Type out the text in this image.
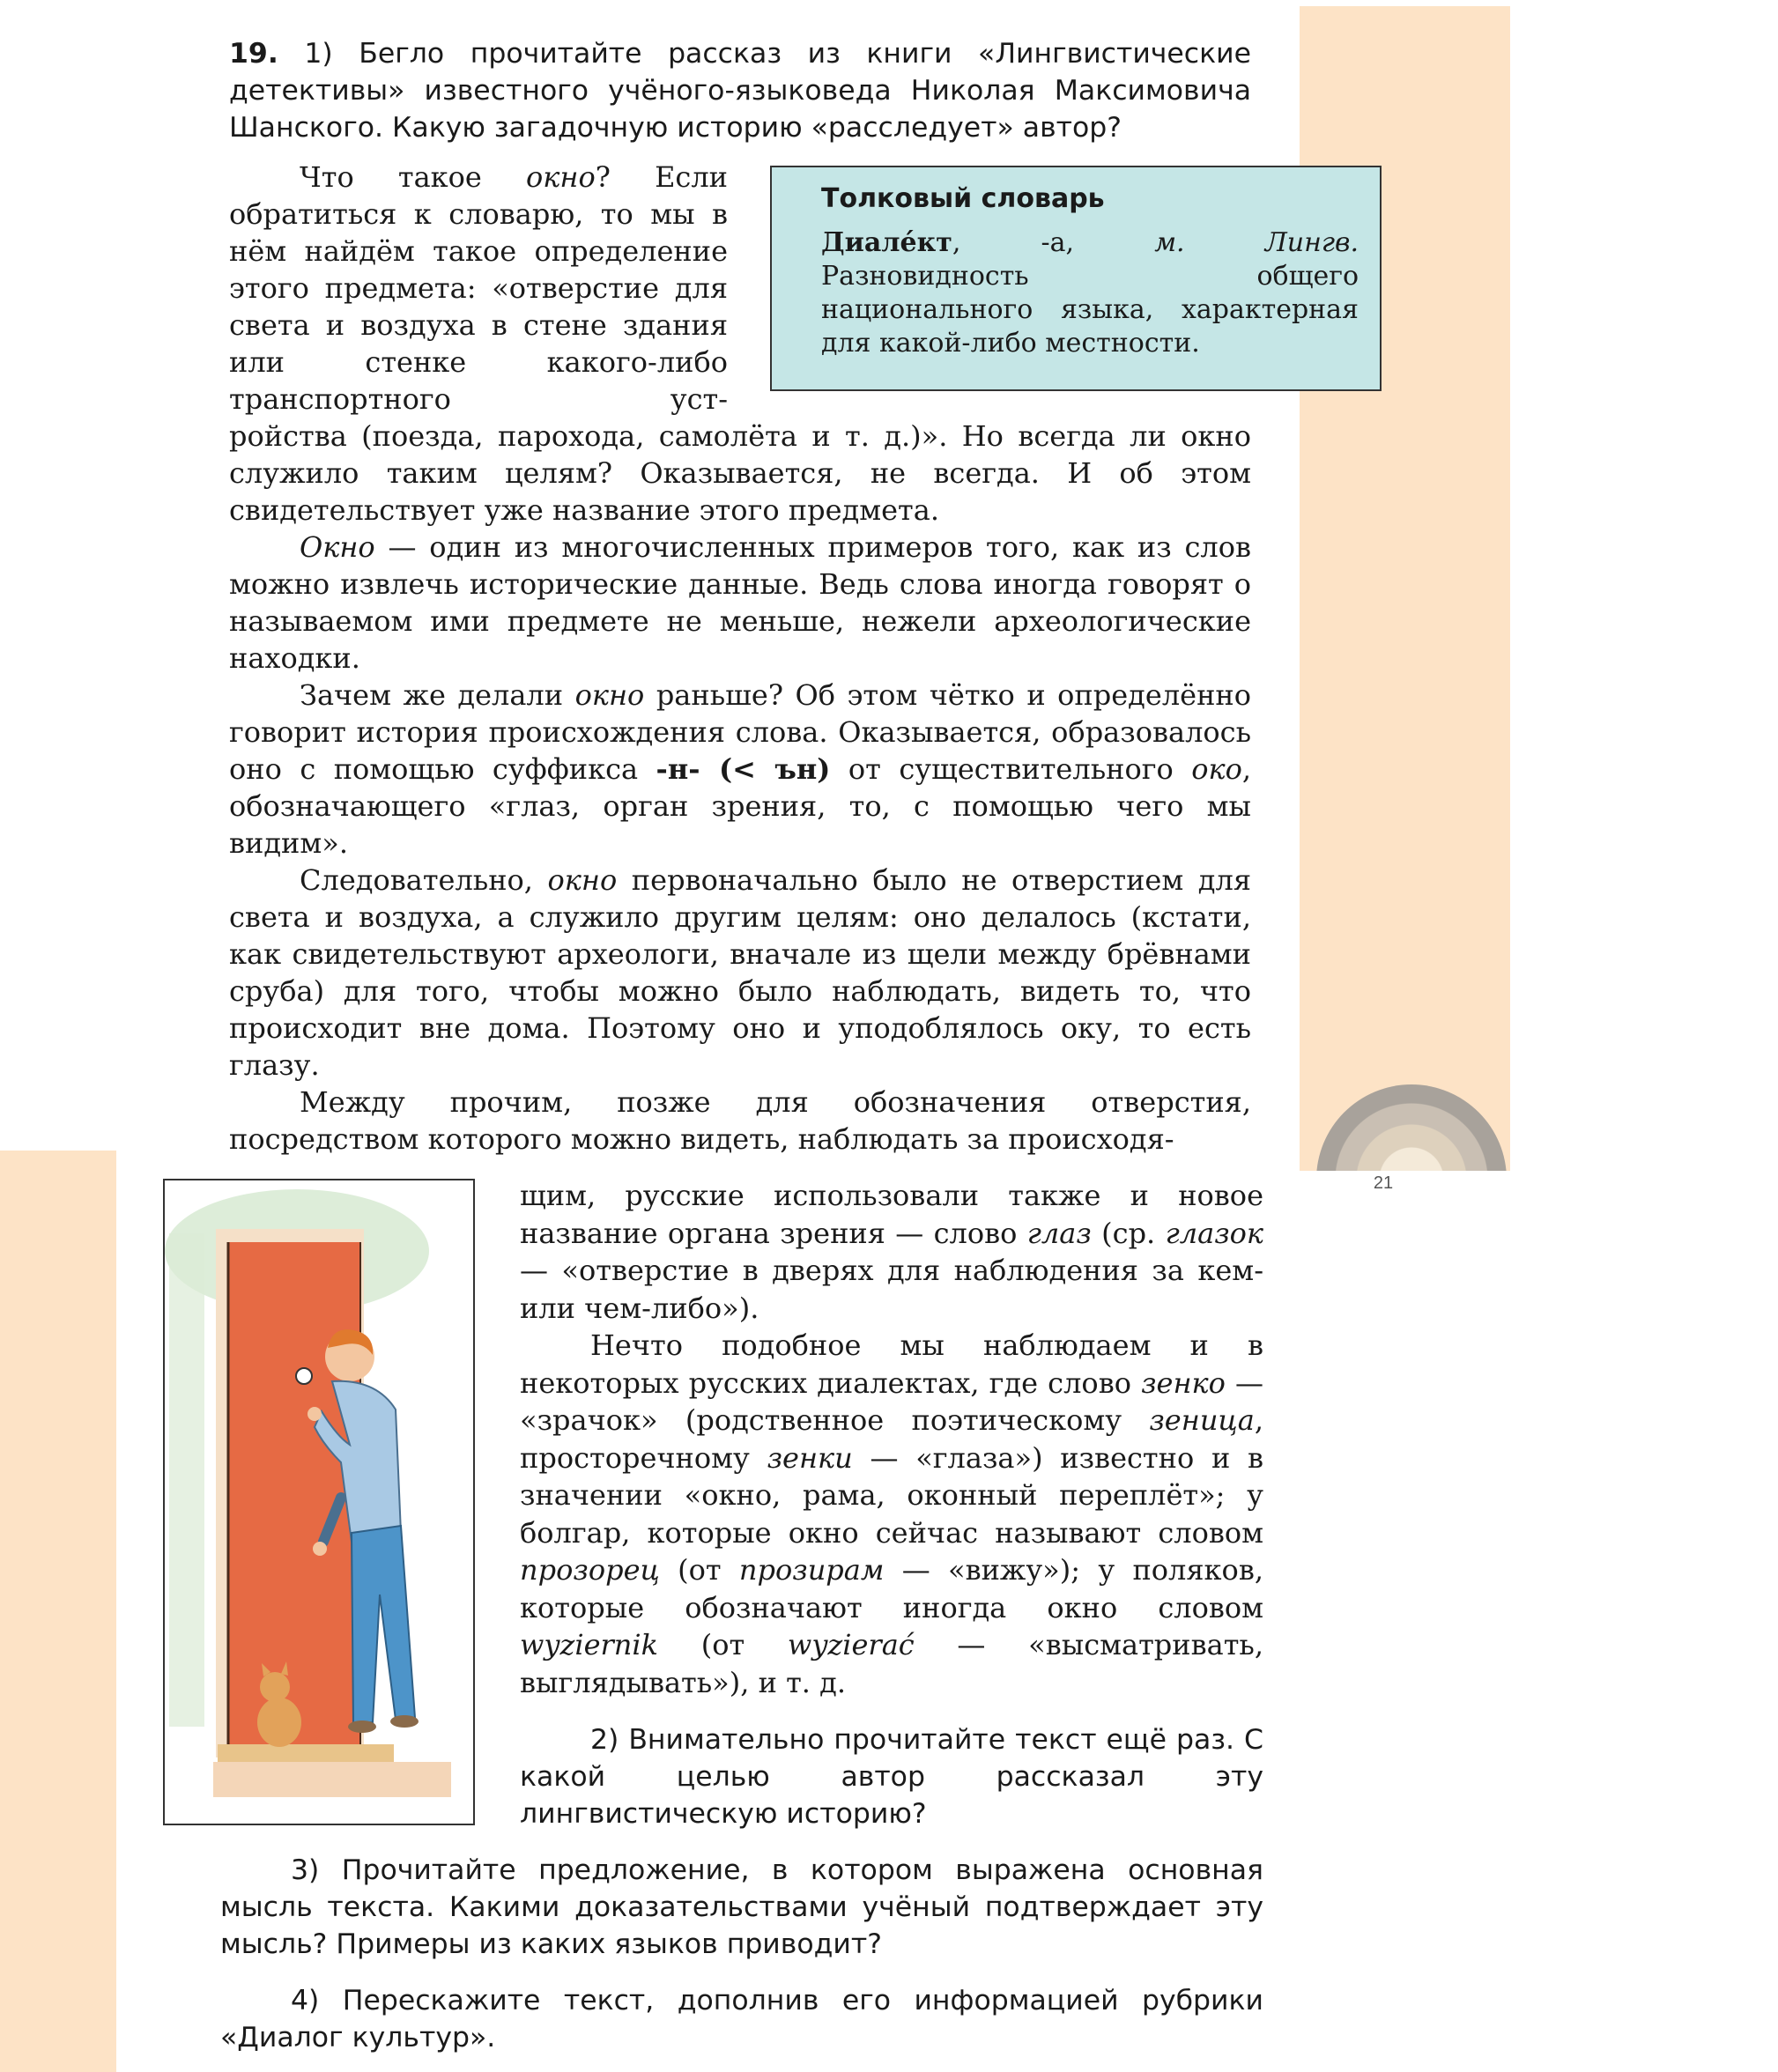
21
19. 1) Бегло прочитайте рассказ из книги «Лингвистические детективы» известного учёного-языковеда Николая Максимовича Шанского. Какую загадочную историю «расследует» автор?
Что такое окно? Если обратиться к словарю, то мы в нём найдём такое определение этого предмета: «отверстие для света и воздуха в стене здания или стенке какого-либо транспортного уст-

Толковый словарь

Диале́кт, -а, м. Лингв. Разновидность общего национального языка, характерная для какой-либо местности.

ройства (поезда, парохода, самолёта и т. д.)». Но всегда ли окно служило таким целям? Оказывается, не всегда. И об этом свидетельствует уже название этого предмета.

Окно — один из многочисленных примеров того, как из слов можно извлечь исторические данные. Ведь слова иногда говорят о называемом ими предмете не меньше, нежели археологические находки.

Зачем же делали окно раньше? Об этом чётко и определённо говорит история происхождения слова. Оказывается, образовалось оно с помощью суффикса -н- (< ън) от существительного око, обозначающего «глаз, орган зрения, то, с помощью чего мы видим».

Следовательно, окно первоначально было не отверстием для света и воздуха, а служило другим целям: оно делалось (кстати, как свидетельствуют археологи, вначале из щели между брёвнами сруба) для того, чтобы можно было наблюдать, видеть то, что происходит вне дома. Поэтому оно и уподоблялось оку, то есть глазу.

Между прочим, позже для обозначения отверстия, посредством которого можно видеть, наблюдать за происходя-

щим, русские использовали также и новое название органа зрения — слово глаз (ср. глазок — «отверстие в дверях для наблюдения за кем- или чем-либо»).

Нечто подобное мы наблюдаем и в некоторых русских диалектах, где слово зенко — «зрачок» (родственное поэтическому зеница, просторечному зенки — «глаза») известно и в значении «окно, рама, оконный переплёт»; у болгар, которые окно сейчас называют словом прозорец (от прозирам — «вижу»); у поляков, которые обозначают иногда окно словом wyziernik (от wyzierać — «высматривать, выглядывать»), и т. д.

2) Внимательно прочитайте текст ещё раз. С какой целью автор рассказал эту лингвистическую историю?

3) Прочитайте предложение, в котором выражена основная мысль текста. Какими доказательствами учёный подтверждает эту мысль? Примеры из каких языков приводит?

4) Перескажите текст, дополнив его информацией рубрики «Диалог культур».
